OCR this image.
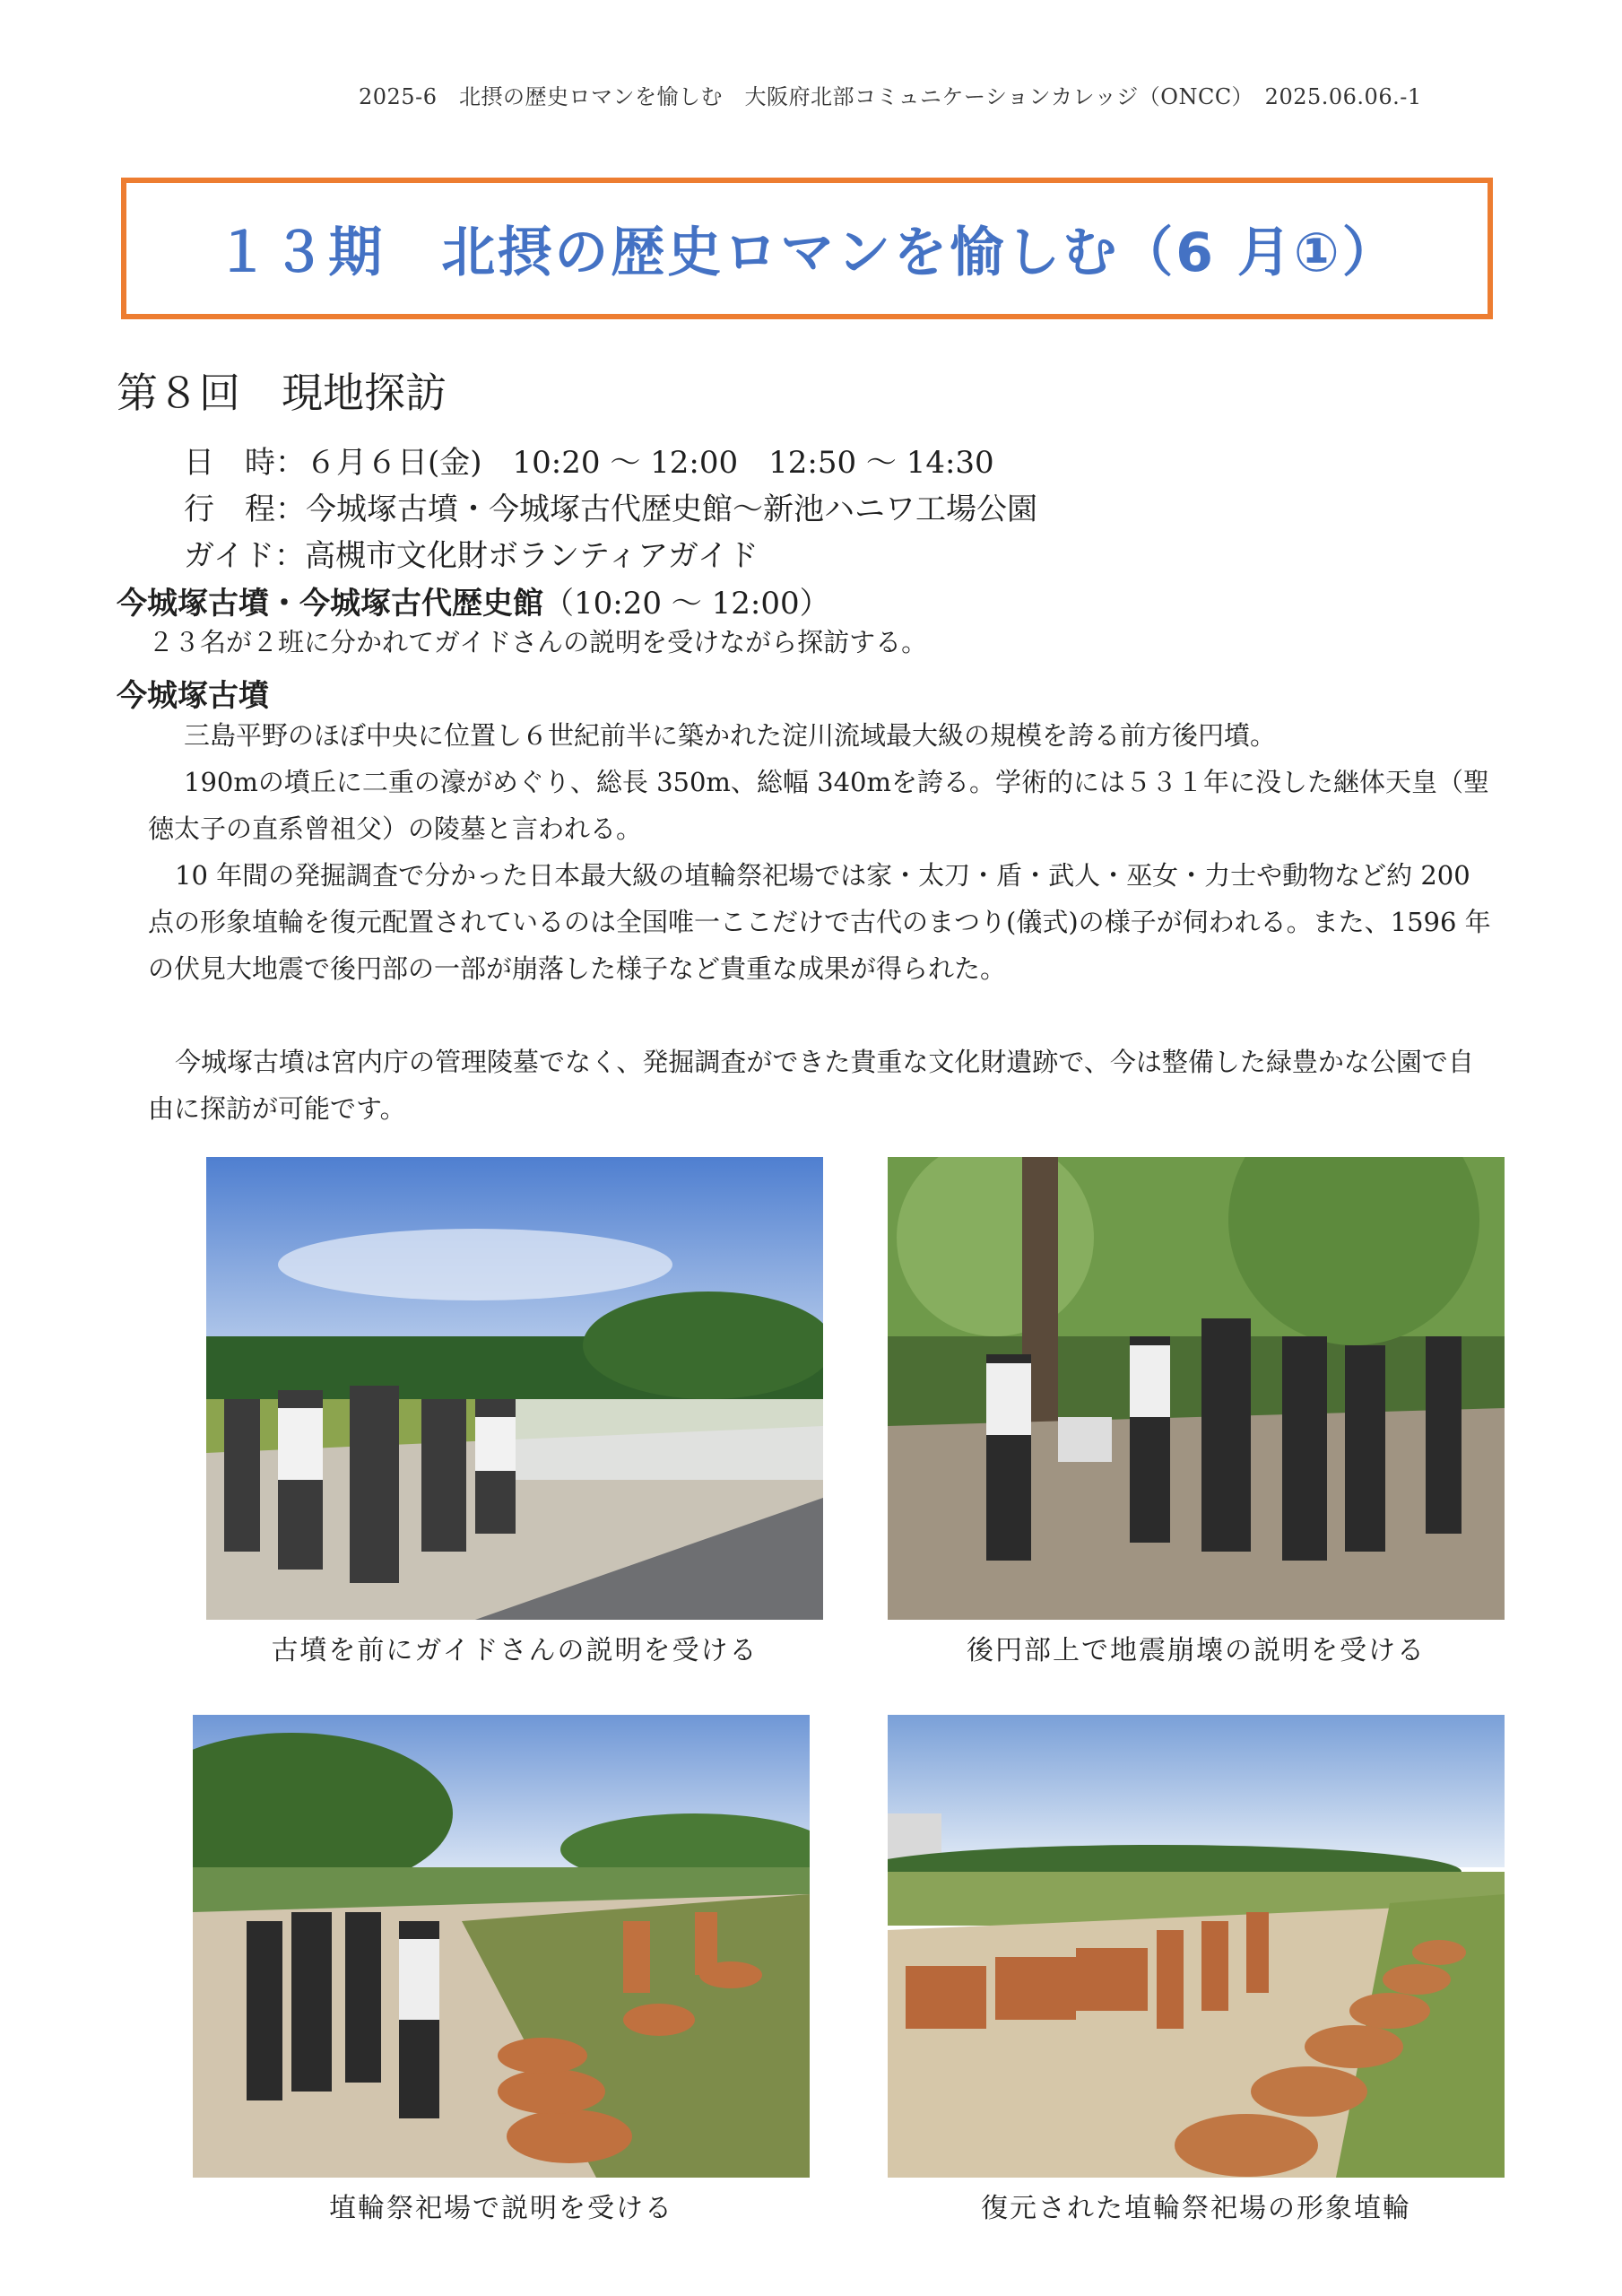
2025-6　北摂の歴史ロマンを愉しむ　大阪府北部コミュニケーションカレッジ（ONCC）　2025.06.06.-1
１３期　北摂の歴史ロマンを愉しむ（6 月①）
第８回　現地探訪
日　時：６月６日(金)　10:20 〜 12:00　12:50 〜 14:30
行　程：今城塚古墳・今城塚古代歴史館〜新池ハニワ工場公園
ガイド：高槻市文化財ボランティアガイド
今城塚古墳・今城塚古代歴史館（10:20 〜 12:00）
２３名が２班に分かれてガイドさんの説明を受けながら探訪する。
今城塚古墳
三島平野のほぼ中央に位置し６世紀前半に築かれた淀川流域最大級の規模を誇る前方後円墳。
190mの墳丘に二重の濠がめぐり、総長 350m、総幅 340mを誇る。学術的には５３１年に没した継体天皇（聖徳太子の直系曾祖父）の陵墓と言われる。
10 年間の発掘調査で分かった日本最大級の埴輪祭祀場では家・太刀・盾・武人・巫女・力士や動物など約 200 点の形象埴輪を復元配置されているのは全国唯一ここだけで古代のまつり(儀式)の様子が伺われる。また、1596 年の伏見大地震で後円部の一部が崩落した様子など貴重な成果が得られた。
今城塚古墳は宮内庁の管理陵墓でなく、発掘調査ができた貴重な文化財遺跡で、今は整備した緑豊かな公園で自由に探訪が可能です。
古墳を前にガイドさんの説明を受ける	後円部上で地震崩壊の説明を受ける
埴輪祭祀場で説明を受ける	復元された埴輪祭祀場の形象埴輪
